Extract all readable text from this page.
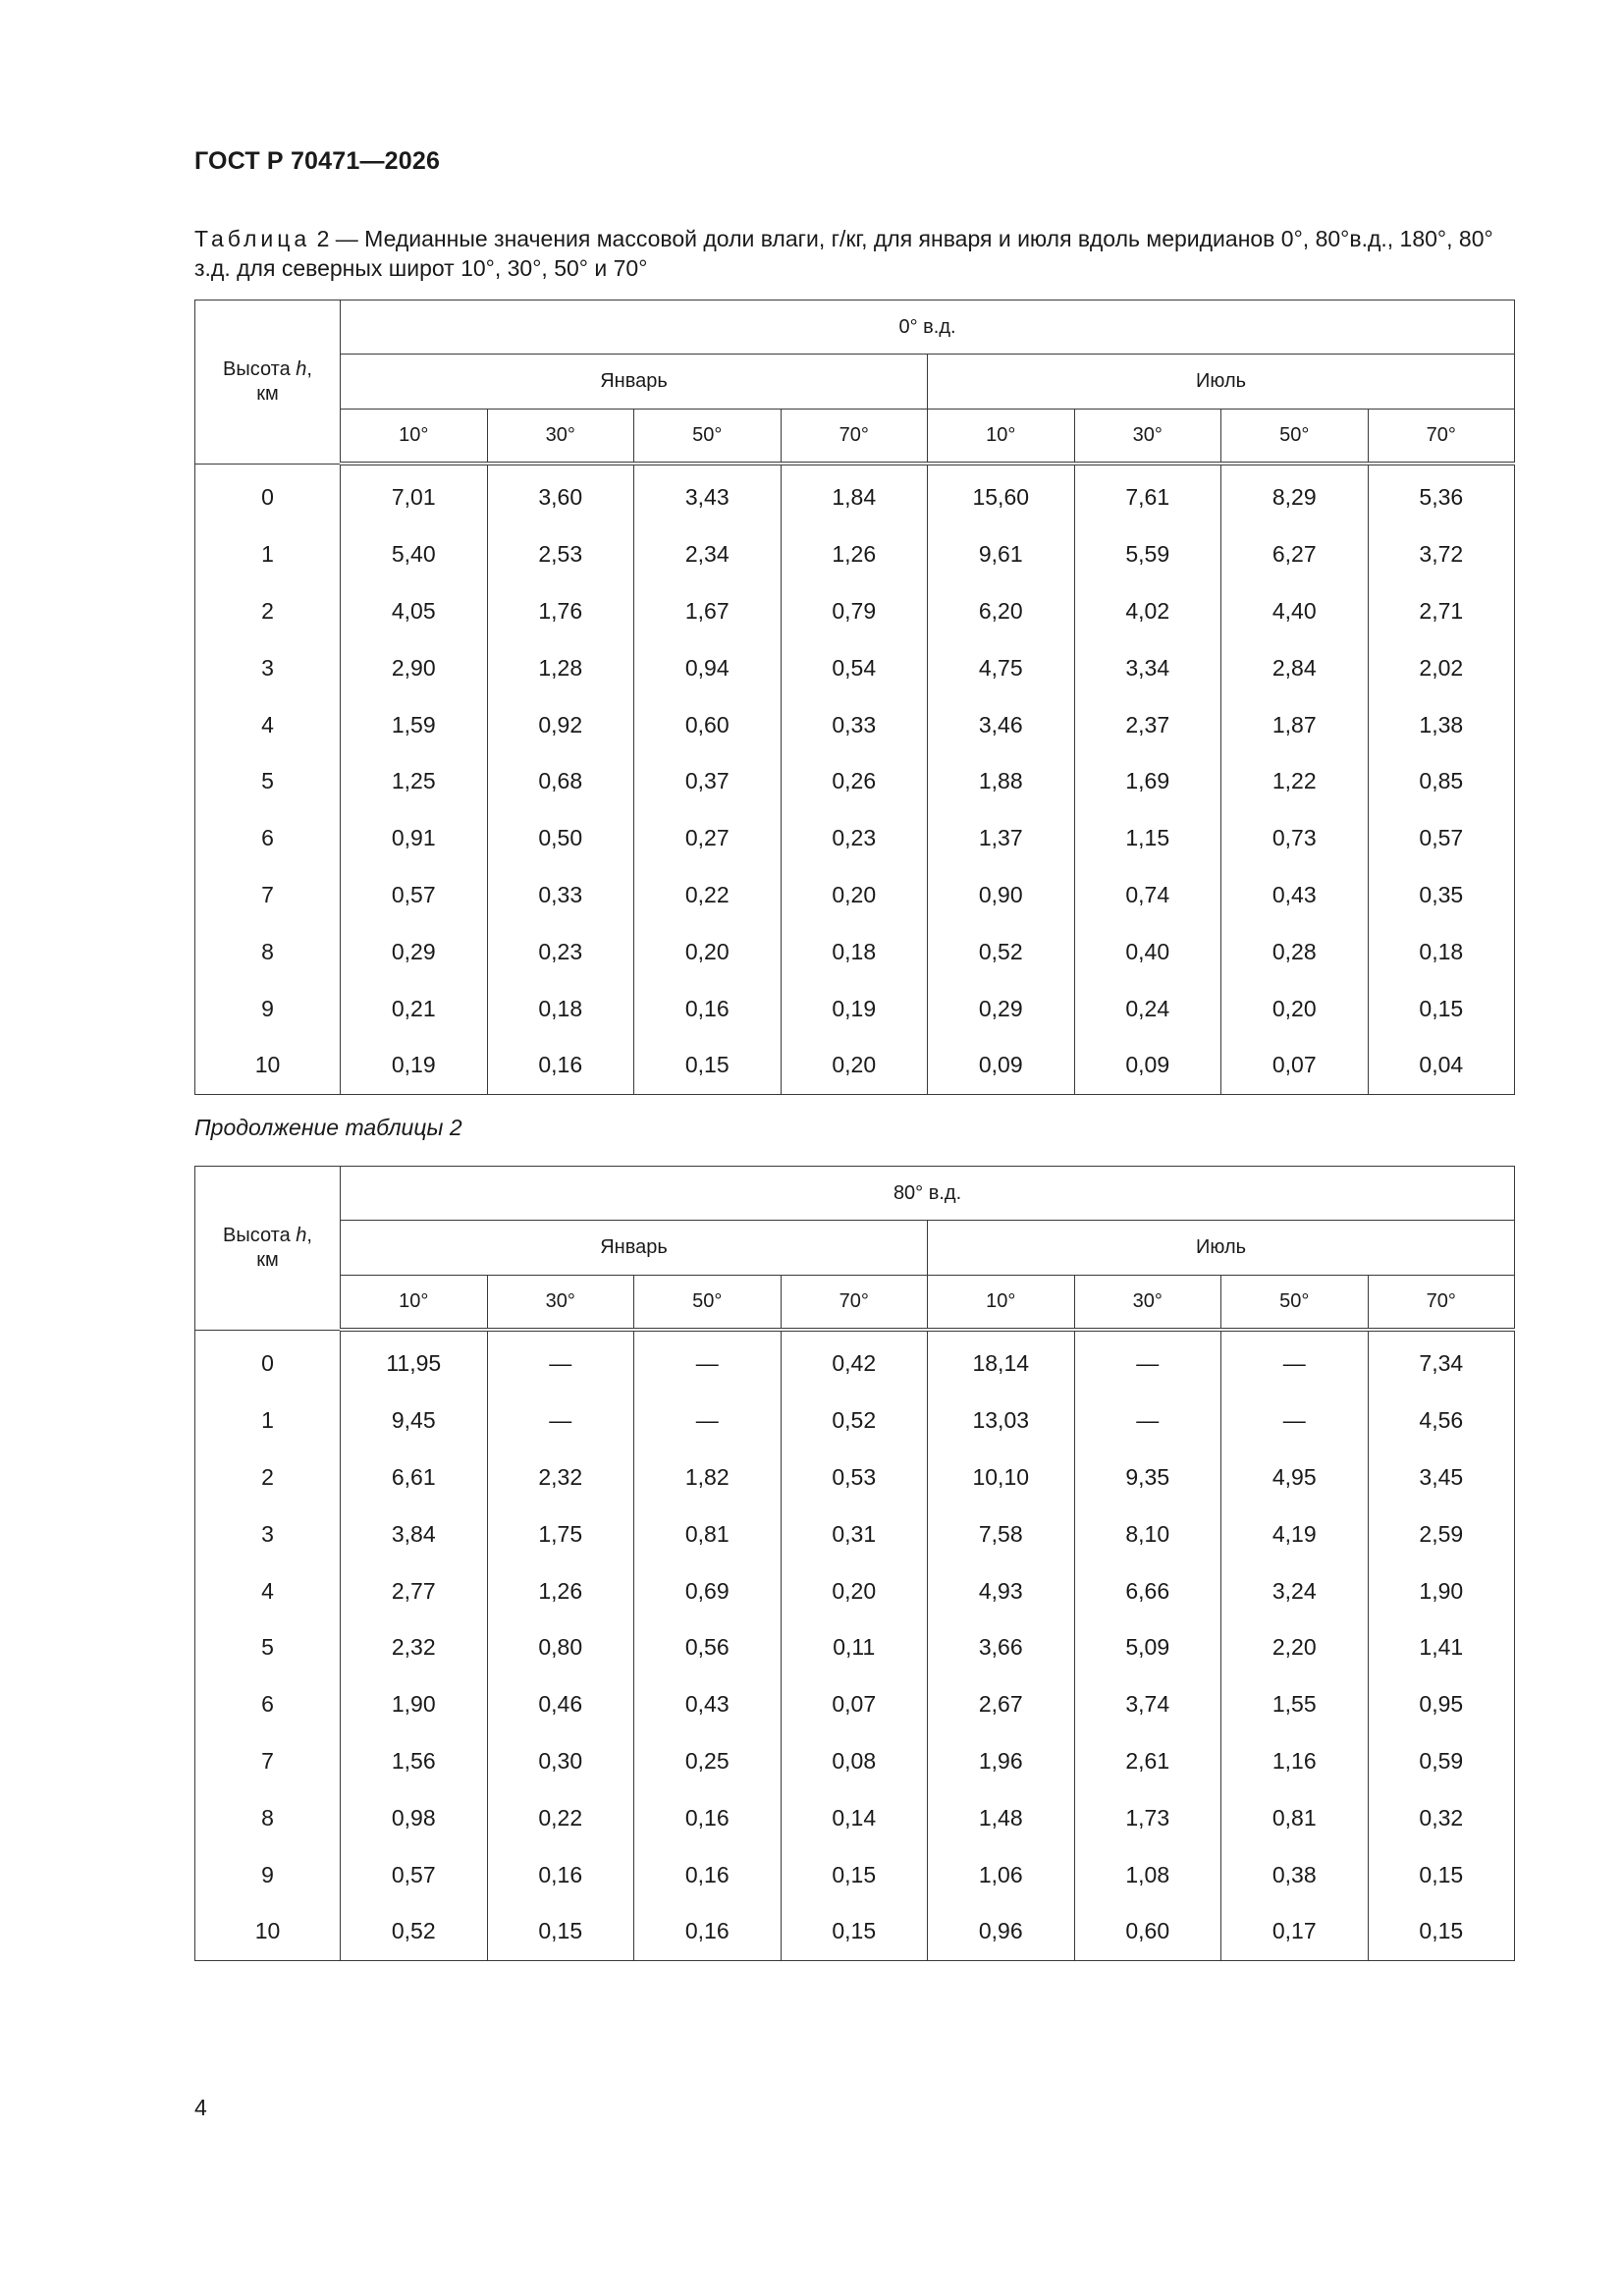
ГОСТ Р 70471—2026
Таблица 2 — Медианные значения массовой доли влаги, г/кг, для января и июля вдоль меридианов 0°, 80°в.д., 180°, 80° з.д. для северных широт 10°, 30°, 50° и 70°
Высота h,
км	0° в.д.							
	Январь				Июль			
	10°	30°	50°	70°	10°	30°	50°	70°
0	7,01	3,60	3,43	1,84	15,60	7,61	8,29	5,36
1	5,40	2,53	2,34	1,26	9,61	5,59	6,27	3,72
2	4,05	1,76	1,67	0,79	6,20	4,02	4,40	2,71
3	2,90	1,28	0,94	0,54	4,75	3,34	2,84	2,02
4	1,59	0,92	0,60	0,33	3,46	2,37	1,87	1,38
5	1,25	0,68	0,37	0,26	1,88	1,69	1,22	0,85
6	0,91	0,50	0,27	0,23	1,37	1,15	0,73	0,57
7	0,57	0,33	0,22	0,20	0,90	0,74	0,43	0,35
8	0,29	0,23	0,20	0,18	0,52	0,40	0,28	0,18
9	0,21	0,18	0,16	0,19	0,29	0,24	0,20	0,15
10	0,19	0,16	0,15	0,20	0,09	0,09	0,07	0,04
Продолжение таблицы 2
Высота h,
км	80° в.д.							
	Январь				Июль			
	10°	30°	50°	70°	10°	30°	50°	70°
0	11,95	—	—	0,42	18,14	—	—	7,34
1	9,45	—	—	0,52	13,03	—	—	4,56
2	6,61	2,32	1,82	0,53	10,10	9,35	4,95	3,45
3	3,84	1,75	0,81	0,31	7,58	8,10	4,19	2,59
4	2,77	1,26	0,69	0,20	4,93	6,66	3,24	1,90
5	2,32	0,80	0,56	0,11	3,66	5,09	2,20	1,41
6	1,90	0,46	0,43	0,07	2,67	3,74	1,55	0,95
7	1,56	0,30	0,25	0,08	1,96	2,61	1,16	0,59
8	0,98	0,22	0,16	0,14	1,48	1,73	0,81	0,32
9	0,57	0,16	0,16	0,15	1,06	1,08	0,38	0,15
10	0,52	0,15	0,16	0,15	0,96	0,60	0,17	0,15
4
